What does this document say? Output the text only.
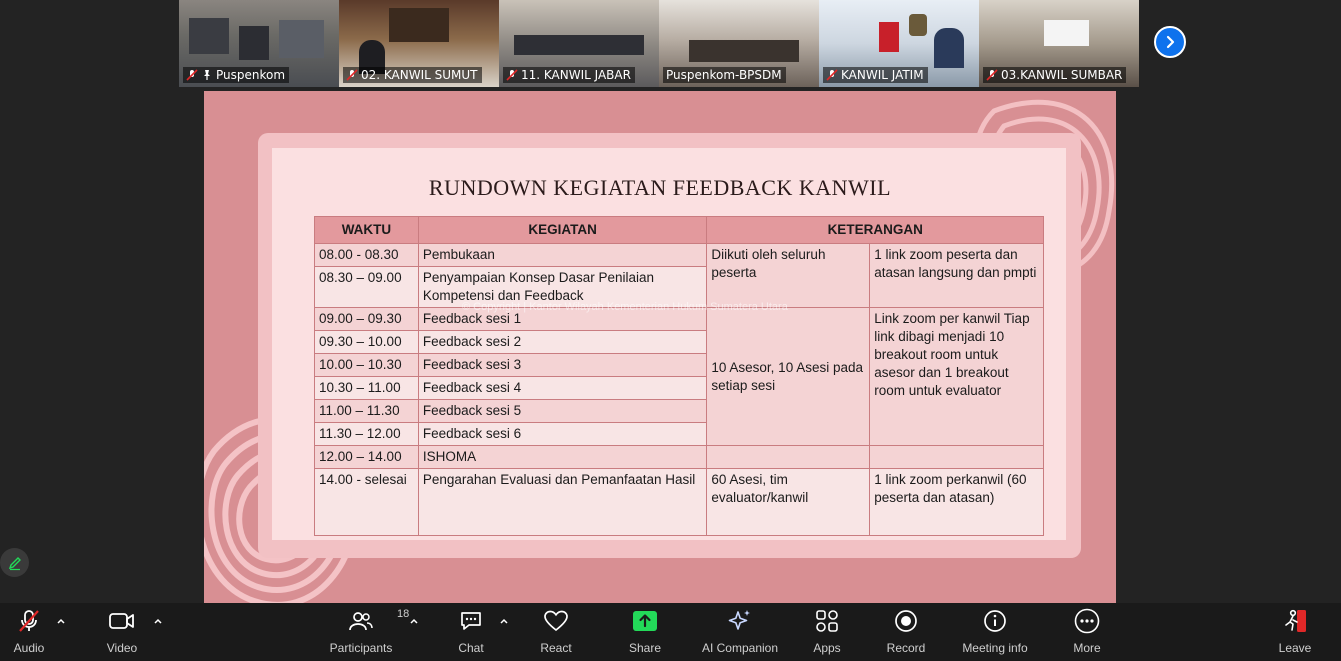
Puspenkom	02. KANWIL SUMUT	11. KANWIL JABAR	Puspenkom-BPSDM	KANWIL JATIM	03.KANWIL SUMBAR
RUNDOWN KEGIATAN FEEDBACK KANWIL
WAKTU	KEGIATAN	KETERANGAN	
08.00 - 08.30	Pembukaan	Diikuti oleh seluruh peserta	1 link zoom peserta dan atasan langsung dan pmpti
08.30 – 09.00	Penyampaian Konsep Dasar Penilaian Kompetensi dan Feedback		
09.00 – 09.30	Feedback sesi 1	10 Asesor, 10 Asesi pada setiap sesi	Link zoom per kanwil Tiap link dibagi menjadi 10 breakout room untuk asesor dan 1 breakout room untuk evaluator
09.30 – 10.00	Feedback sesi 2		
10.00 – 10.30	Feedback sesi 3		
10.30 – 11.00	Feedback sesi 4		
11.00 – 11.30	Feedback sesi 5		
11.30 – 12.00	Feedback sesi 6		
12.00 – 14.00	ISHOMA		
14.00 - selesai	Pengarahan Evaluasi dan Pemanfaatan Hasil	60 Asesi, tim evaluator/kanwil	1 link zoom perkanwil (60 peserta dan atasan)
© Copyright | Kantor Wilayah Kementerian Hukum Sumatera Utara
Audio	Video
18
Participants	Chat	React	Share	AI Companion	Apps	Record	Meeting info	More	Leave
